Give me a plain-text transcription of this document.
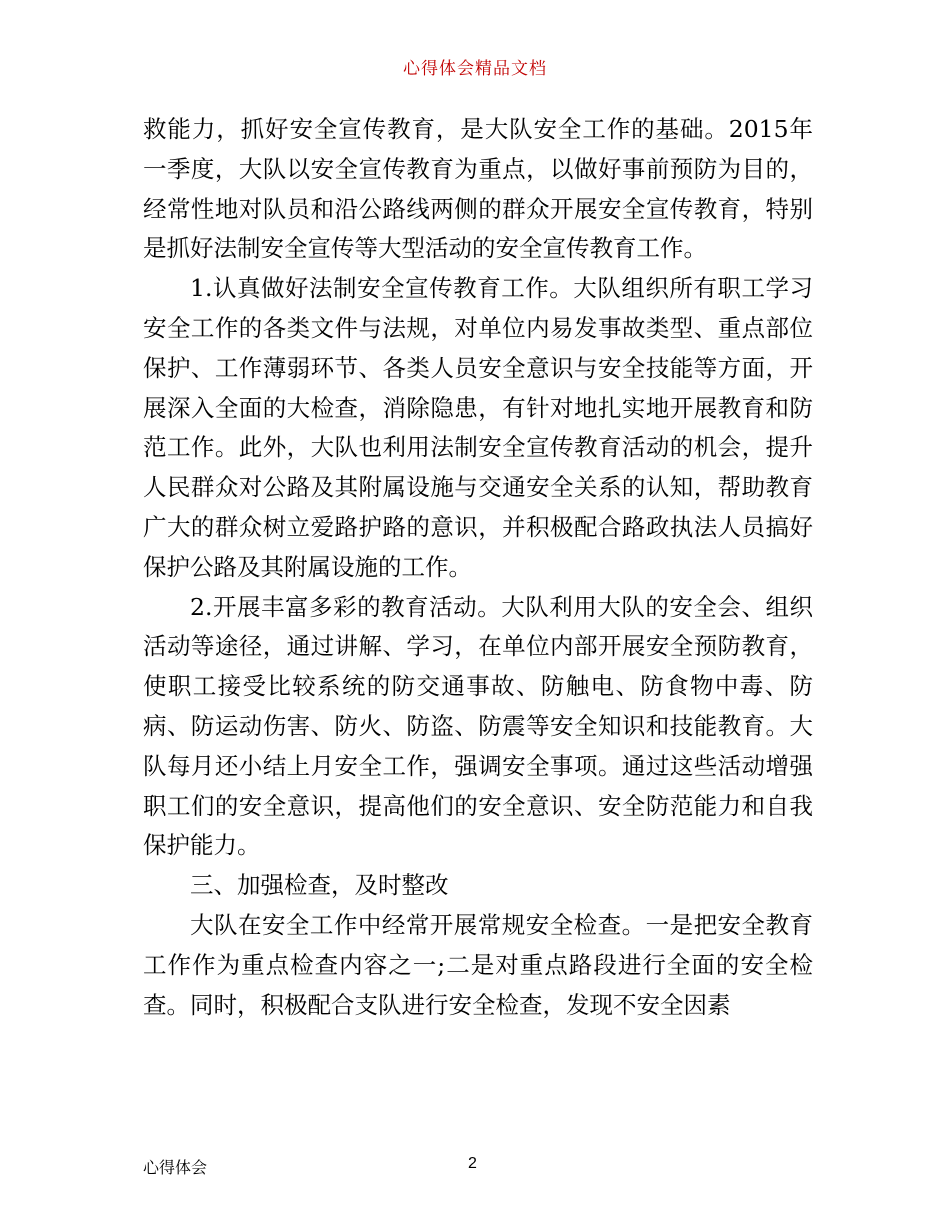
心得体会精品文档

救能力，抓好安全宣传教育，是大队安全工作的基础。2015年一季度，大队以安全宣传教育为重点，以做好事前预防为目的，经常性地对队员和沿公路线两侧的群众开展安全宣传教育，特别是抓好法制安全宣传等大型活动的安全宣传教育工作。

1.认真做好法制安全宣传教育工作。大队组织所有职工学习安全工作的各类文件与法规，对单位内易发事故类型、重点部位保护、工作薄弱环节、各类人员安全意识与安全技能等方面，开展深入全面的大检查，消除隐患，有针对地扎实地开展教育和防范工作。此外，大队也利用法制安全宣传教育活动的机会，提升人民群众对公路及其附属设施与交通安全关系的认知，帮助教育广大的群众树立爱路护路的意识，并积极配合路政执法人员搞好保护公路及其附属设施的工作。

2.开展丰富多彩的教育活动。大队利用大队的安全会、组织活动等途径，通过讲解、学习，在单位内部开展安全预防教育，使职工接受比较系统的防交通事故、防触电、防食物中毒、防病、防运动伤害、防火、防盗、防震等安全知识和技能教育。大队每月还小结上月安全工作，强调安全事项。通过这些活动增强职工们的安全意识，提高他们的安全意识、安全防范能力和自我保护能力。

三、加强检查，及时整改

大队在安全工作中经常开展常规安全检查。一是把安全教育工作作为重点检查内容之一;二是对重点路段进行全面的安全检查。同时，积极配合支队进行安全检查，发现不安全因素

心得体会	2
